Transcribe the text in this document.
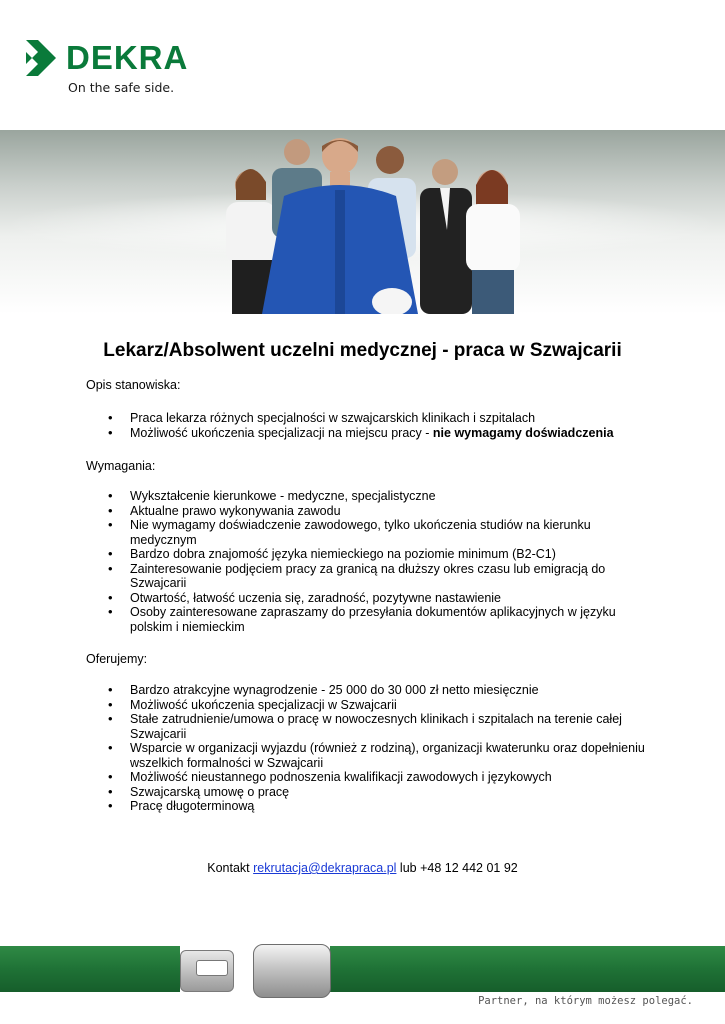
DEKRA
On the safe side.
Lekarz/Absolwent uczelni medycznej - praca w Szwajcarii

Opis stanowiska:

• Praca lekarza różnych specjalności w szwajcarskich klinikach i szpitalach
• Możliwość ukończenia specjalizacji na miejscu pracy - nie wymagamy doświadczenia

Wymagania:

• Wykształcenie kierunkowe - medyczne, specjalistyczne
• Aktualne prawo wykonywania zawodu
• Nie wymagamy doświadczenie zawodowego, tylko ukończenia studiów na kierunku medycznym
• Bardzo dobra znajomość języka niemieckiego na poziomie minimum (B2-C1)
• Zainteresowanie podjęciem pracy za granicą na dłuższy okres czasu lub emigracją do Szwajcarii
• Otwartość, łatwość uczenia się, zaradność, pozytywne nastawienie
• Osoby zainteresowane zapraszamy do przesyłania dokumentów aplikacyjnych w języku polskim i niemieckim

Oferujemy:

• Bardzo atrakcyjne wynagrodzenie - 25 000 do 30 000 zł netto miesięcznie
• Możliwość ukończenia specjalizacji w Szwajcarii
• Stałe zatrudnienie/umowa o pracę w nowoczesnych klinikach i szpitalach na terenie całej Szwajcarii
• Wsparcie w organizacji wyjazdu (również z rodziną), organizacji kwaterunku oraz dopełnieniu wszelkich formalności w Szwajcarii
• Możliwość nieustannego podnoszenia kwalifikacji zawodowych i językowych
• Szwajcarską umowę o pracę
• Pracę długoterminową
Kontakt rekrutacja@dekrapraca.pl lub +48 12 442 01 92
Partner, na którym możesz polegać.
